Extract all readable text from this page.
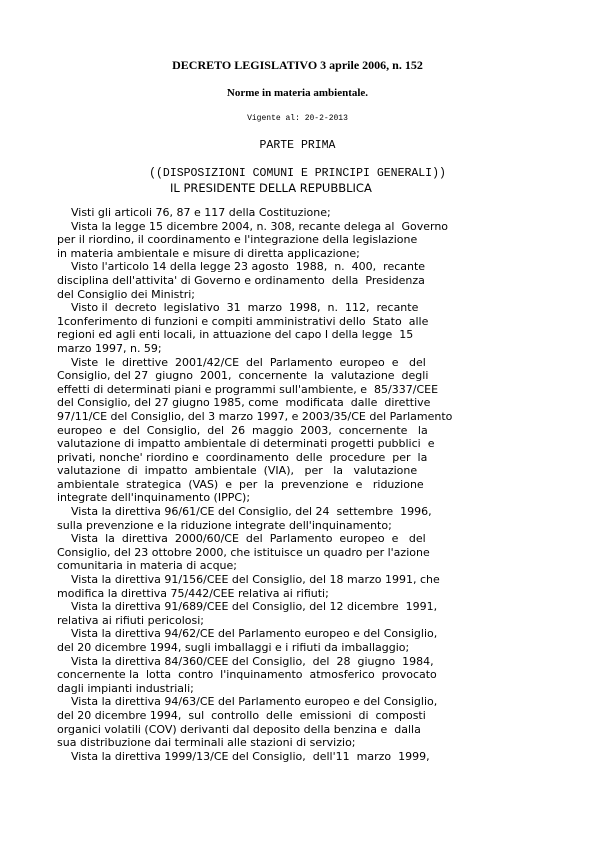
DECRETO LEGISLATIVO 3 aprile 2006, n. 152
Norme in materia ambientale.
Vigente al: 20-2-2013
PARTE PRIMA
((DISPOSIZIONI COMUNI E PRINCIPI GENERALI))
IL PRESIDENTE DELLA REPUBBLICA
Visti gli articoli 76, 87 e 117 della Costituzione;
Vista la legge 15 dicembre 2004, n. 308, recante delega al  Governo
per il riordino, il coordinamento e l'integrazione della legislazione
in materia ambientale e misure di diretta applicazione;
Visto l'articolo 14 della legge 23 agosto  1988,  n.  400,  recante
disciplina dell'attivita' di Governo e ordinamento  della  Presidenza
del Consiglio dei Ministri;
Visto il  decreto  legislativo  31  marzo  1998,  n.  112,  recante
1conferimento di funzioni e compiti amministrativi dello  Stato  alle
regioni ed agli enti locali, in attuazione del capo I della legge  15
marzo 1997, n. 59;
Viste  le  direttive  2001/42/CE  del  Parlamento  europeo  e   del
Consiglio, del 27  giugno  2001,  concernente  la  valutazione  degli
effetti di determinati piani e programmi sull'ambiente, e  85/337/CEE
del Consiglio, del 27 giugno 1985, come  modificata  dalle  direttive
97/11/CE del Consiglio, del 3 marzo 1997, e 2003/35/CE del Parlamento
europeo  e  del  Consiglio,  del  26  maggio  2003,  concernente   la
valutazione di impatto ambientale di determinati progetti pubblici  e
privati, nonche' riordino e  coordinamento  delle  procedure  per  la
valutazione  di  impatto  ambientale  (VIA),   per   la   valutazione
ambientale  strategica  (VAS)  e  per  la  prevenzione  e   riduzione
integrate dell'inquinamento (IPPC);
Vista la direttiva 96/61/CE del Consiglio, del 24  settembre  1996,
sulla prevenzione e la riduzione integrate dell'inquinamento;
Vista  la  direttiva  2000/60/CE  del  Parlamento  europeo  e   del
Consiglio, del 23 ottobre 2000, che istituisce un quadro per l'azione
comunitaria in materia di acque;
Vista la direttiva 91/156/CEE del Consiglio, del 18 marzo 1991, che
modifica la direttiva 75/442/CEE relativa ai rifiuti;
Vista la direttiva 91/689/CEE del Consiglio, del 12 dicembre  1991,
relativa ai rifiuti pericolosi;
Vista la direttiva 94/62/CE del Parlamento europeo e del Consiglio,
del 20 dicembre 1994, sugli imballaggi e i rifiuti da imballaggio;
Vista la direttiva 84/360/CEE del Consiglio,  del  28  giugno  1984,
concernente la  lotta  contro  l'inquinamento  atmosferico  provocato
dagli impianti industriali;
Vista la direttiva 94/63/CE del Parlamento europeo e del Consiglio,
del 20 dicembre 1994,  sul  controllo  delle  emissioni  di  composti
organici volatili (COV) derivanti dal deposito della benzina e  dalla
sua distribuzione dai terminali alle stazioni di servizio;
Vista la direttiva 1999/13/CE del Consiglio,  dell'11  marzo  1999,
